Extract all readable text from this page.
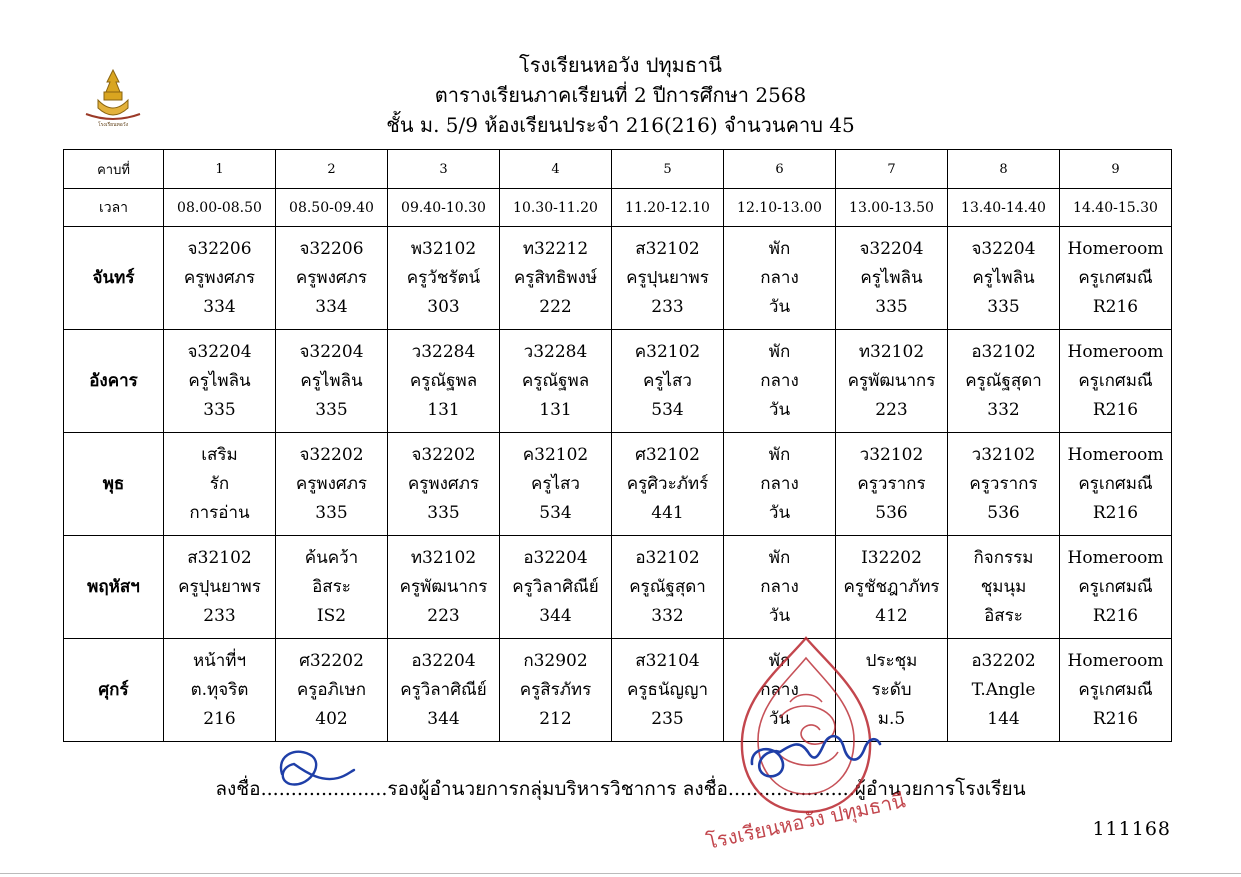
โรงเรียนหอวัง
โรงเรียนหอวัง ปทุมธานี
ตารางเรียนภาคเรียนที่ 2 ปีการศึกษา 2568
ชั้น ม. 5/9 ห้องเรียนประจำ 216(216) จำนวนคาบ 45
คาบที่	1	2	3	4	5	6	7	8	9
เวลา	08.00-08.50	08.50-09.40	09.40-10.30	10.30-11.20	11.20-12.10	12.10-13.00	13.00-13.50	13.40-14.40	14.40-15.30
จันทร์	จ32206
ครูพงศภร
334	จ32206
ครูพงศภร
334	พ32102
ครูวัชรัตน์
303	ท32212
ครูสิทธิพงษ์
222	ส32102
ครูปุนยาพร
233	พัก
กลาง
วัน	จ32204
ครูไพลิน
335	จ32204
ครูไพลิน
335	Homeroom
ครูเกศมณี
R216

อังคาร	จ32204
ครูไพลิน
335	จ32204
ครูไพลิน
335	ว32284
ครูณัฐพล
131	ว32284
ครูณัฐพล
131	ค32102
ครูไสว
534	พัก
กลาง
วัน	ท32102
ครูพัฒนากร
223	อ32102
ครูณัฐสุดา
332	Homeroom
ครูเกศมณี
R216

พุธ	เสริม
รัก
การอ่าน	จ32202
ครูพงศภร
335	จ32202
ครูพงศภร
335	ค32102
ครูไสว
534	ศ32102
ครูศิวะภัทร์
441	พัก
กลาง
วัน	ว32102
ครูวรากร
536	ว32102
ครูวรากร
536	Homeroom
ครูเกศมณี
R216

พฤหัสฯ	ส32102
ครูปุนยาพร
233	ค้นคว้า
อิสระ
IS2	ท32102
ครูพัฒนากร
223	อ32204
ครูวิลาศิณีย์
344	อ32102
ครูณัฐสุดา
332	พัก
กลาง
วัน	I32202
ครูชัชฎาภัทร
412	กิจกรรม
ชุมนุม
อิสระ	Homeroom
ครูเกศมณี
R216

ศุกร์	หน้าที่ฯ
ต.ทุจริต
216	ศ32202
ครูอภิเษก
402	อ32204
ครูวิลาศิณีย์
344	ก32902
ครูสิรภัทร
212	ส32104
ครูธนัญญา
235	พัก
กลาง
วัน	ประชุม
ระดับ
ม.5	อ32202
T.Angle
144	Homeroom
ครูเกศมณี
R216
ลงชื่อ.....................รองผู้อำนวยการกลุ่มบริหารวิชาการ ลงชื่อ.....................ผู้อำนวยการโรงเรียน
โรงเรียนหอวัง ปทุมธานี	111168
